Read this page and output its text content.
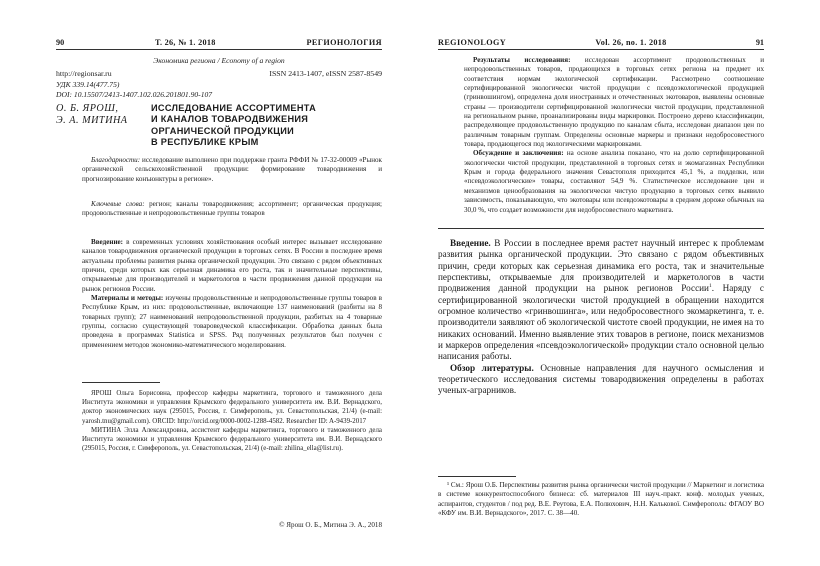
90	Т. 26, № 1. 2018	РЕГИОНОЛОГИЯ
Экономика региона / Economy of a region
http://regionsar.ru	ISSN 2413-1407, eISSN 2587-8549
УДК 339.14(477.75)
DOI: 10.15507/2413-1407.102.026.201801.90-107
О. Б. ЯРОШ,
Э. А. МИТИНА
ИССЛЕДОВАНИЕ АССОРТИМЕНТА
И КАНАЛОВ ТОВАРОДВИЖЕНИЯ
ОРГАНИЧЕСКОЙ ПРОДУКЦИИ
В РЕСПУБЛИКЕ КРЫМ

Благодарности: исследование выполнено при поддержке гранта РФФИ № 17-32-00009 «Рынок органической сельскохозяйственной продукции: формирование товародвижения и прогнозирование конъюнктуры в регионе».

Ключевые слова: регион; каналы товародвижения; ассортимент; органическая продукция; продовольственные и непродовольственные группы товаров

Введение: в современных условиях хозяйствования особый интерес вызывает исследование каналов товародвижения органической продукции в торговых сетях. В России в последнее время актуальны проблемы развития рынка органической продукции. Это связано с рядом объективных причин, среди которых как серьезная динамика его роста, так и значительные перспективы, открываемые для производителей и маркетологов в части продвижения данной продукции на рынок регионов России.

Материалы и методы: изучены продовольственные и непродовольственные группы товаров в Республике Крым, из них: продовольственные, включающие 137 наименований (разбиты на 8 товарных групп); 27 наименований непродовольственной продукции, разбитых на 4 товарные группы, согласно существующей товароведческой классификации. Обработка данных была проведена в программах Statistica и SPSS. Ряд полученных результатов был получен с применением методов экономико-математического моделирования.

ЯРОШ Ольга Борисовна, профессор кафедры маркетинга, торгового и таможенного дела Института экономики и управления Крымского федерального университета им. В.И. Вернадского, доктор экономических наук (295015, Россия, г. Симферополь, ул. Севастопольская, 21/4) (e-mail: yarosh.tnu@gmail.com). ORCID: http://orcid.org/0000-0002-1288-4582. Researcher ID: A-9439-2017

МИТИНА Элла Александровна, ассистент кафедры маркетинга, торгового и таможенного дела Института экономики и управления Крымского федерального университета им. В.И. Вернадского (295015, Россия, г. Симферополь, ул. Севастопольская, 21/4) (e-mail: zhilina_ella@list.ru).

© Ярош О. Б., Митина Э. А., 2018
REGIONOLOGY	Vol. 26, no. 1. 2018	91

Результаты исследования: исследован ассортимент продовольственных и непродовольственных товаров, продающихся в торговых сетях региона на предмет их соответствия нормам экологической сертификации. Рассмотрено соотношение сертифицированной экологически чистой продукции с псевдоэкологической продукцией (гринвошингом), определена доля иностранных и отечественных экотоваров, выявлены основные страны — производители сертифицированной экологически чистой продукции, представленной на региональном рынке, проанализированы виды маркировки. Построено дерево классификации, распределяющее продовольственную продукцию по каналам сбыта, исследован диапазон цен по различным товарным группам. Определены основные маркеры и признаки недобросовестного товара, продающегося под экологическими маркировками.

Обсуждение и заключения: на основе анализа показано, что на долю сертифицированной экологически чистой продукции, представленной в торговых сетях и экомагазинах Республики Крым и города федерального значения Севастополя приходится 45,1 %, а подделки, или «псевдоэкологические» товары, составляют 54,9 %. Статистическое исследование цен и механизмов ценообразования на экологически чистую продукцию в торговых сетях выявило зависимость, показывающую, что экотовары или псевдоэкотовары в среднем дороже обычных на 30,0 %, что создает возможности для недобросовестного маркетинга.

Введение. В России в последнее время растет научный интерес к проблемам развития рынка органической продукции. Это связано с рядом объективных причин, среди которых как серьезная динамика его роста, так и значительные перспективы, открываемые для производителей и маркетологов в части продвижения данной продукции на рынок регионов России$^1$. Наряду с сертифицированной экологически чистой продукцией в обращении находится огромное количество «гринвошинга», или недобросовестного экомаркетинга, т. е. производители заявляют об экологической чистоте своей продукции, не имея на то никаких оснований. Именно выявление этих товаров в регионе, поиск механизмов и маркеров определения «псевдоэкологической» продукции стало основной целью написания работы.

Обзор литературы. Основные направления для научного осмысления и теоретического исследования системы товародвижения определены в работах ученых-аграрников.

¹ См.: Ярош О.Б. Перспективы развития рынка органически чистой продукции // Маркетинг и логистика в системе конкурентоспособного бизнеса: сб. материалов III науч.-практ. конф. молодых ученых, аспирантов, студентов / под ред. В.Е. Реутова, Е.А. Полюхович, Н.Н. Калькової. Симферополь: ФГАОУ ВО «КФУ им. В.И. Вернадского», 2017. С. 38—40.
